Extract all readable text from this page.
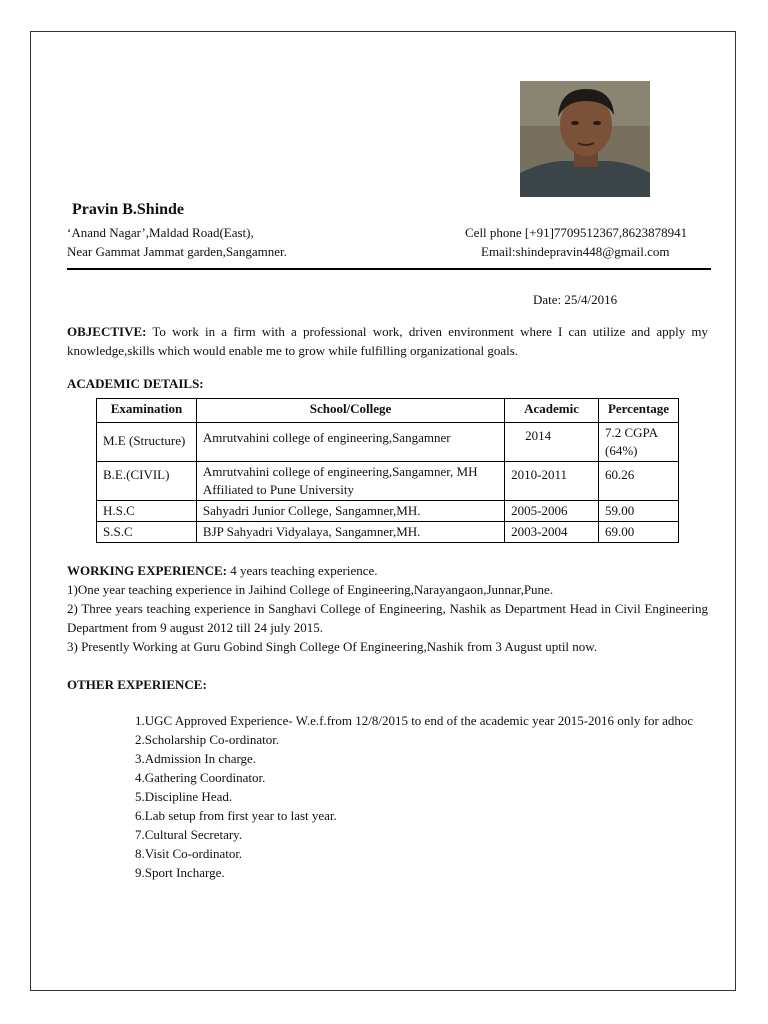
Pravin B.Shinde
‘Anand Nagar’,Maldad Road(East),
Near Gammat Jammat garden,Sangamner.
Cell phone [+91]7709512367,8623878941
Email:shindepravin448@gmail.com
Date: 25/4/2016
OBJECTIVE: To work in a firm with a professional work, driven environment where I can utilize and apply my knowledge,skills which would enable me to grow while fulfilling organizational goals.
ACADEMIC DETAILS:
Examination	School/College	Academic	Percentage
M.E (Structure)	Amrutvahini college of engineering,Sangamner	2014	7.2 CGPA (64%)
B.E.(CIVIL)	Amrutvahini college of engineering,Sangamner, MH Affiliated to Pune University	2010-2011	60.26
H.S.C	Sahyadri Junior College, Sangamner,MH.	2005-2006	59.00
S.S.C	BJP Sahyadri Vidyalaya, Sangamner,MH.	2003-2004	69.00
WORKING EXPERIENCE: 4 years teaching experience.
1)One year teaching experience in Jaihind College of Engineering,Narayangaon,Junnar,Pune.
2) Three years teaching experience in Sanghavi College of Engineering, Nashik as Department Head in Civil Engineering Department from 9 august 2012 till 24 july 2015.
3) Presently Working at Guru Gobind Singh College Of Engineering,Nashik from 3 August uptil now.
OTHER EXPERIENCE:
1.UGC Approved Experience- W.e.f.from 12/8/2015 to end of the academic year 2015-2016 only for adhoc
2.Scholarship Co-ordinator.
3.Admission In charge.
4.Gathering Coordinator.
5.Discipline Head.
6.Lab setup from first year to last year.
7.Cultural Secretary.
8.Visit Co-ordinator.
9.Sport Incharge.
